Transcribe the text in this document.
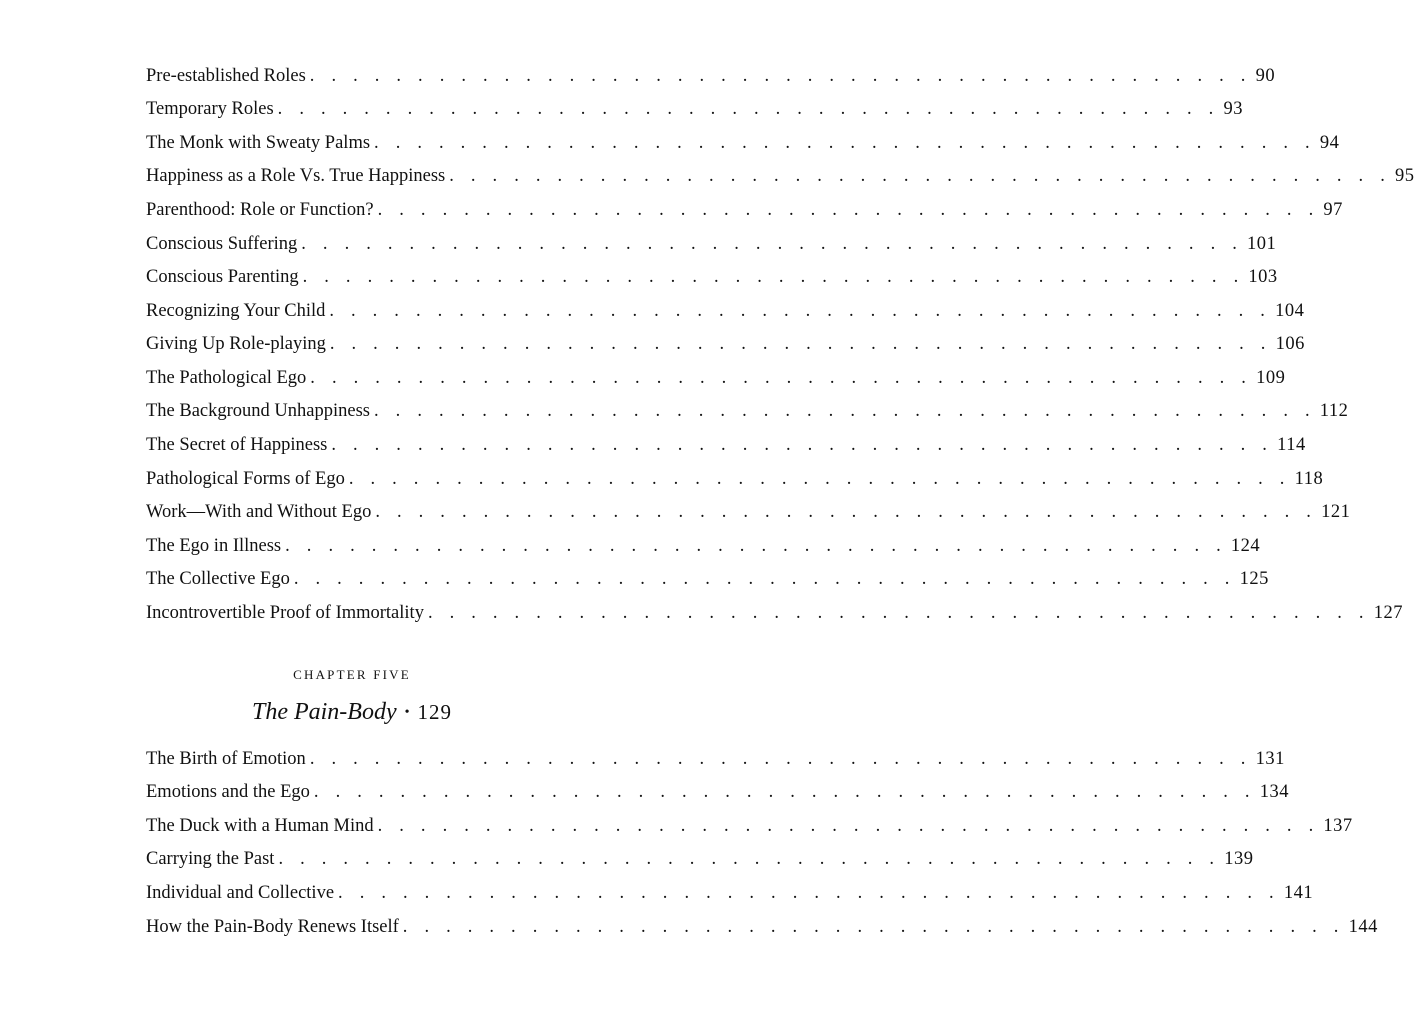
Pre-established Roles . . . . . . . . . . . . . . . . . . . . . . . . . . . . . . . . . . . . . . . . . . . . 90
Temporary Roles . . . . . . . . . . . . . . . . . . . . . . . . . . . . . . . . . . . . . . . . . . . . 93
The Monk with Sweaty Palms . . . . . . . . . . . . . . . . . . . . . . . . . . . . . . . . . . . . . . . . . . . . 94
Happiness as a Role Vs. True Happiness . . . . . . . . . . . . . . . . . . . . . . . . . . . . . . . . . . . . . . . . . . . . 95
Parenthood: Role or Function? . . . . . . . . . . . . . . . . . . . . . . . . . . . . . . . . . . . . . . . . . . . . 97
Conscious Suffering . . . . . . . . . . . . . . . . . . . . . . . . . . . . . . . . . . . . . . . . . . . . 101
Conscious Parenting . . . . . . . . . . . . . . . . . . . . . . . . . . . . . . . . . . . . . . . . . . . . 103
Recognizing Your Child . . . . . . . . . . . . . . . . . . . . . . . . . . . . . . . . . . . . . . . . . . . . 104
Giving Up Role-playing . . . . . . . . . . . . . . . . . . . . . . . . . . . . . . . . . . . . . . . . . . . . 106
The Pathological Ego . . . . . . . . . . . . . . . . . . . . . . . . . . . . . . . . . . . . . . . . . . . . 109
The Background Unhappiness . . . . . . . . . . . . . . . . . . . . . . . . . . . . . . . . . . . . . . . . . . . . 112
The Secret of Happiness . . . . . . . . . . . . . . . . . . . . . . . . . . . . . . . . . . . . . . . . . . . . 114
Pathological Forms of Ego . . . . . . . . . . . . . . . . . . . . . . . . . . . . . . . . . . . . . . . . . . . . 118
Work—With and Without Ego . . . . . . . . . . . . . . . . . . . . . . . . . . . . . . . . . . . . . . . . . . . . 121
The Ego in Illness . . . . . . . . . . . . . . . . . . . . . . . . . . . . . . . . . . . . . . . . . . . . 124
The Collective Ego . . . . . . . . . . . . . . . . . . . . . . . . . . . . . . . . . . . . . . . . . . . . 125
Incontrovertible Proof of Immortality . . . . . . . . . . . . . . . . . . . . . . . . . . . . . . . . . . . . . . . . . . . . 127
CHAPTER FIVE
The Pain-Body • 129
The Birth of Emotion . . . . . . . . . . . . . . . . . . . . . . . . . . . . . . . . . . . . . . . . . . . . 131
Emotions and the Ego . . . . . . . . . . . . . . . . . . . . . . . . . . . . . . . . . . . . . . . . . . . . 134
The Duck with a Human Mind . . . . . . . . . . . . . . . . . . . . . . . . . . . . . . . . . . . . . . . . . . . . 137
Carrying the Past . . . . . . . . . . . . . . . . . . . . . . . . . . . . . . . . . . . . . . . . . . . . 139
Individual and Collective . . . . . . . . . . . . . . . . . . . . . . . . . . . . . . . . . . . . . . . . . . . . 141
How the Pain-Body Renews Itself . . . . . . . . . . . . . . . . . . . . . . . . . . . . . . . . . . . . . . . . . . . . 144
